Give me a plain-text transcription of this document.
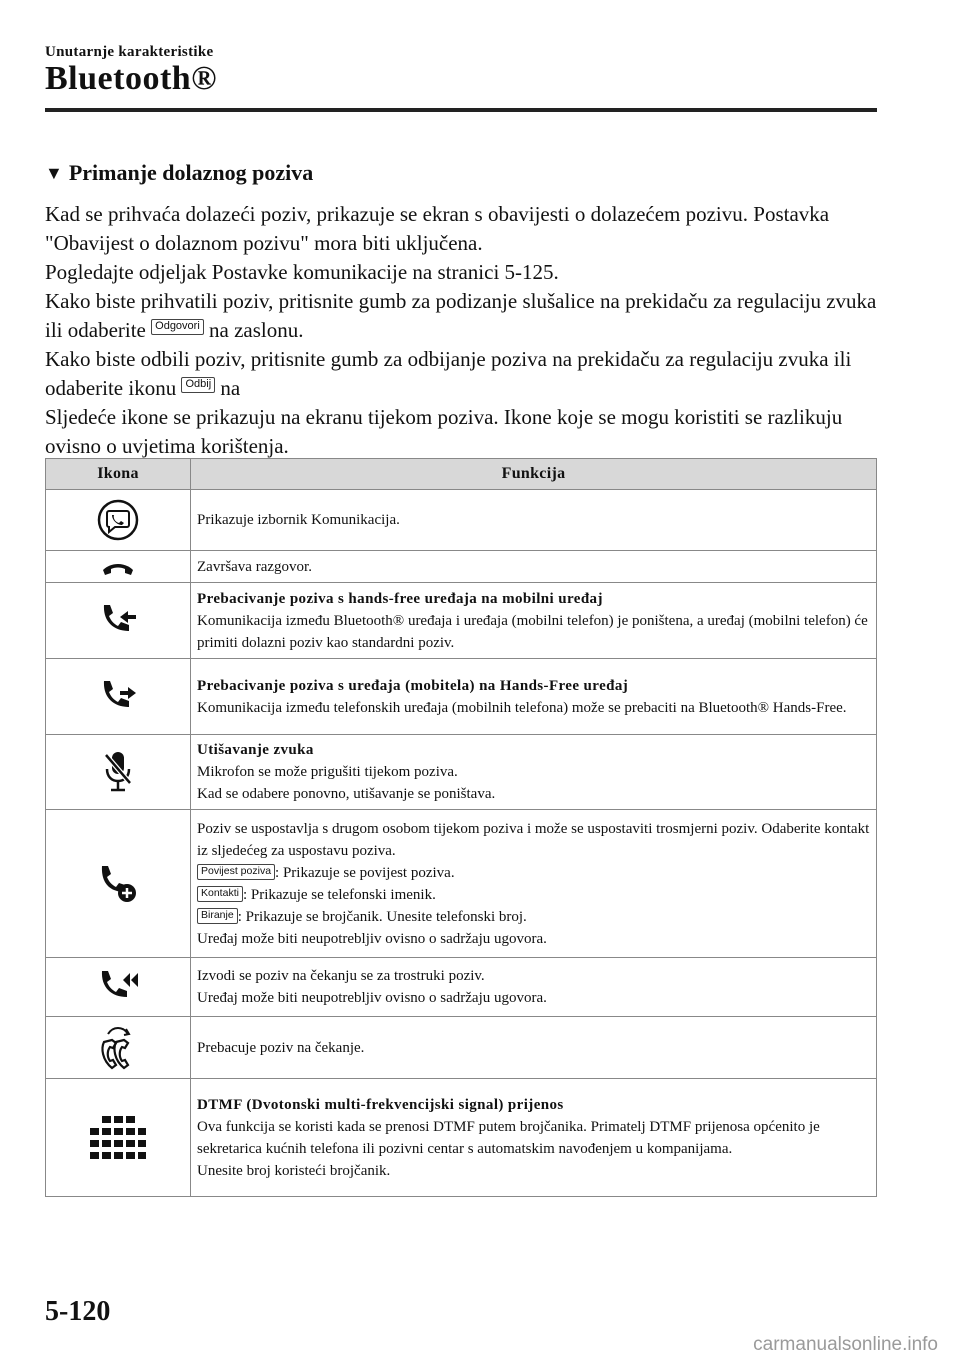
Unutarnje karakteristike
Bluetooth®
▼ Primanje dolaznog poziva

Kad se prihvaća dolazeći poziv, prikazuje se ekran s obavijesti o dolazećem pozivu. Postavka "Obavijest o dolaznom pozivu" mora biti uključena.

Pogledajte odjeljak Postavke komunikacije na stranici 5-125.

Kako biste prihvatili poziv, pritisnite gumb za podizanje slušalice na prekidaču za regulaciju zvuka ili odaberite Odgovori na zaslonu.

Kako biste odbili poziv, pritisnite gumb za odbijanje poziva na prekidaču za regulaciju zvuka ili odaberite ikonu Odbij na

Sljedeće ikone se prikazuju na ekranu tijekom poziva. Ikone koje se mogu koristiti se razlikuju ovisno o uvjetima korištenja.

Ikona	Funkcija

Prikazuje izbornik Komunikacija.

Završava razgovor.

Prebacivanje poziva s hands-free uređaja na mobilni uređaj
Komunikacija između Bluetooth® uređaja i uređaja (mobilni telefon) je poništena, a uređaj (mobilni telefon) će primiti dolazni poziv kao standardni poziv.

Prebacivanje poziva s uređaja (mobitela) na Hands-Free uređaj
Komunikacija između telefonskih uređaja (mobilnih telefona) može se prebaciti na Bluetooth® Hands-Free.

Utišavanje zvuka
Mikrofon se može prigušiti tijekom poziva.
Kad se odabere ponovno, utišavanje se poništava.

Poziv se uspostavlja s drugom osobom tijekom poziva i može se uspostaviti trosmjerni poziv. Odaberite kontakt iz sljedećeg za uspostavu poziva.
Povijest poziva : Prikazuje se povijest poziva.
Kontakti : Prikazuje se telefonski imenik.
Biranje : Prikazuje se brojčanik. Unesite telefonski broj.
Uređaj može biti neupotrebljiv ovisno o sadržaju ugovora.

Izvodi se poziv na čekanju se za trostruki poziv.
Uređaj može biti neupotrebljiv ovisno o sadržaju ugovora.

Prebacuje poziv na čekanje.

DTMF (Dvotonski multi-frekvencijski signal) prijenos
Ova funkcija se koristi kada se prenosi DTMF putem brojčanika. Primatelj DTMF prijenosa općenito je sekretarica kućnih telefona ili pozivni centar s automatskim navođenjem u kompanijama.
Unesite broj koristeći brojčanik.
5-120
carmanualsonline.info
